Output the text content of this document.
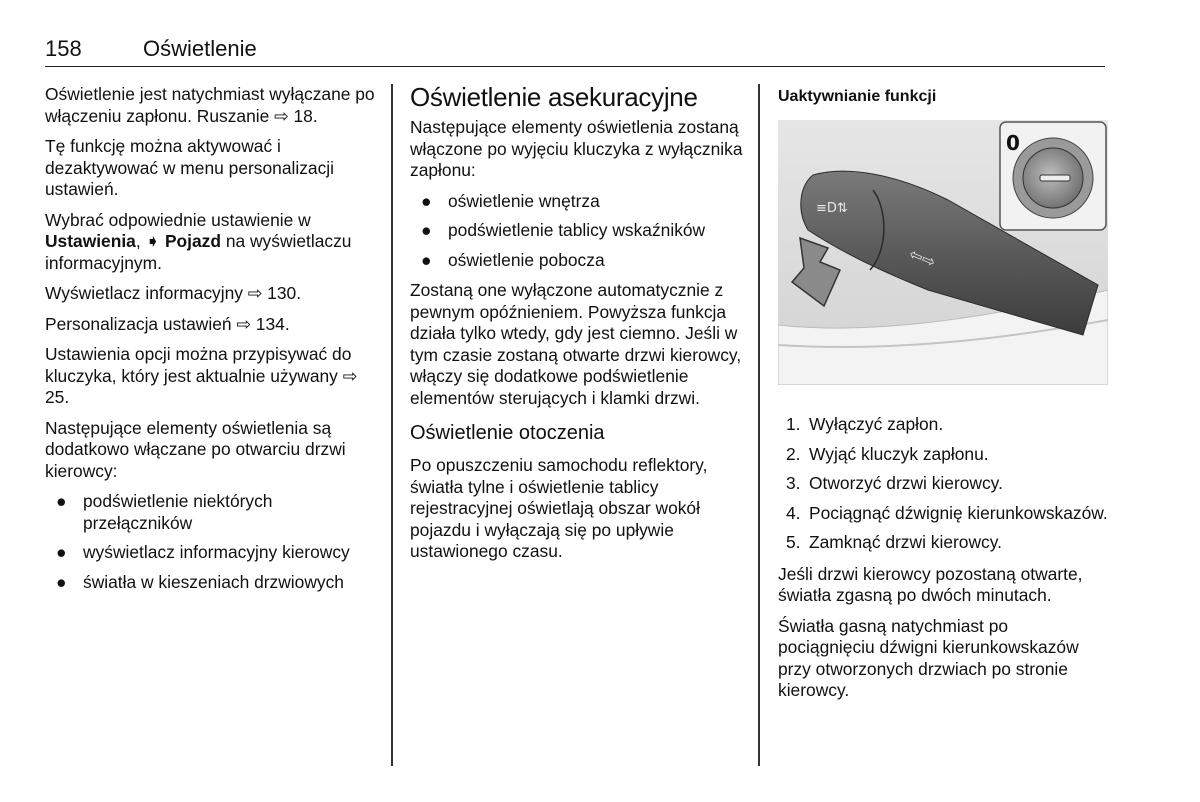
158	Oświetlenie

Oświetlenie jest natychmiast wyłączane po włączeniu zapłonu. Ruszanie ⇨ 18.

Tę funkcję można aktywować i dezaktywować w menu personalizacji ustawień.

Wybrać odpowiednie ustawienie w Ustawienia, ➧ Pojazd na wyświetlaczu informacyjnym.

Wyświetlacz informacyjny ⇨ 130.

Personalizacja ustawień ⇨ 134.

Ustawienia opcji można przypisywać do kluczyka, który jest aktualnie używany ⇨ 25.

Następujące elementy oświetlenia są dodatkowo włączane po otwarciu drzwi kierowcy:

● podświetlenie niektórych przełączników
● wyświetlacz informacyjny kierowcy
● światła w kieszeniach drzwiowych
Oświetlenie asekuracyjne

Następujące elementy oświetlenia zostaną włączone po wyjęciu kluczyka z wyłącznika zapłonu:

● oświetlenie wnętrza
● podświetlenie tablicy wskaźników
● oświetlenie pobocza

Zostaną one wyłączone automatycznie z pewnym opóźnieniem. Powyższa funkcja działa tylko wtedy, gdy jest ciemno. Jeśli w tym czasie zostaną otwarte drzwi kierowcy, włączy się dodatkowe podświetlenie elementów sterujących i klamki drzwi.

Oświetlenie otoczenia

Po opuszczeniu samochodu reflektory, światła tylne i oświetlenie tablicy rejestracyjnej oświetlają obszar wokół pojazdu i wyłączają się po upływie ustawionego czasu.

Uaktywnianie funkcji
≡D⇅
⇦⇨
0
1. Wyłączyć zapłon.
2. Wyjąć kluczyk zapłonu.
3. Otworzyć drzwi kierowcy.
4. Pociągnąć dźwignię kierunkowskazów.
5. Zamknąć drzwi kierowcy.

Jeśli drzwi kierowcy pozostaną otwarte, światła zgasną po dwóch minutach.

Światła gasną natychmiast po pociągnięciu dźwigni kierunkowskazów przy otworzonych drzwiach po stronie kierowcy.
